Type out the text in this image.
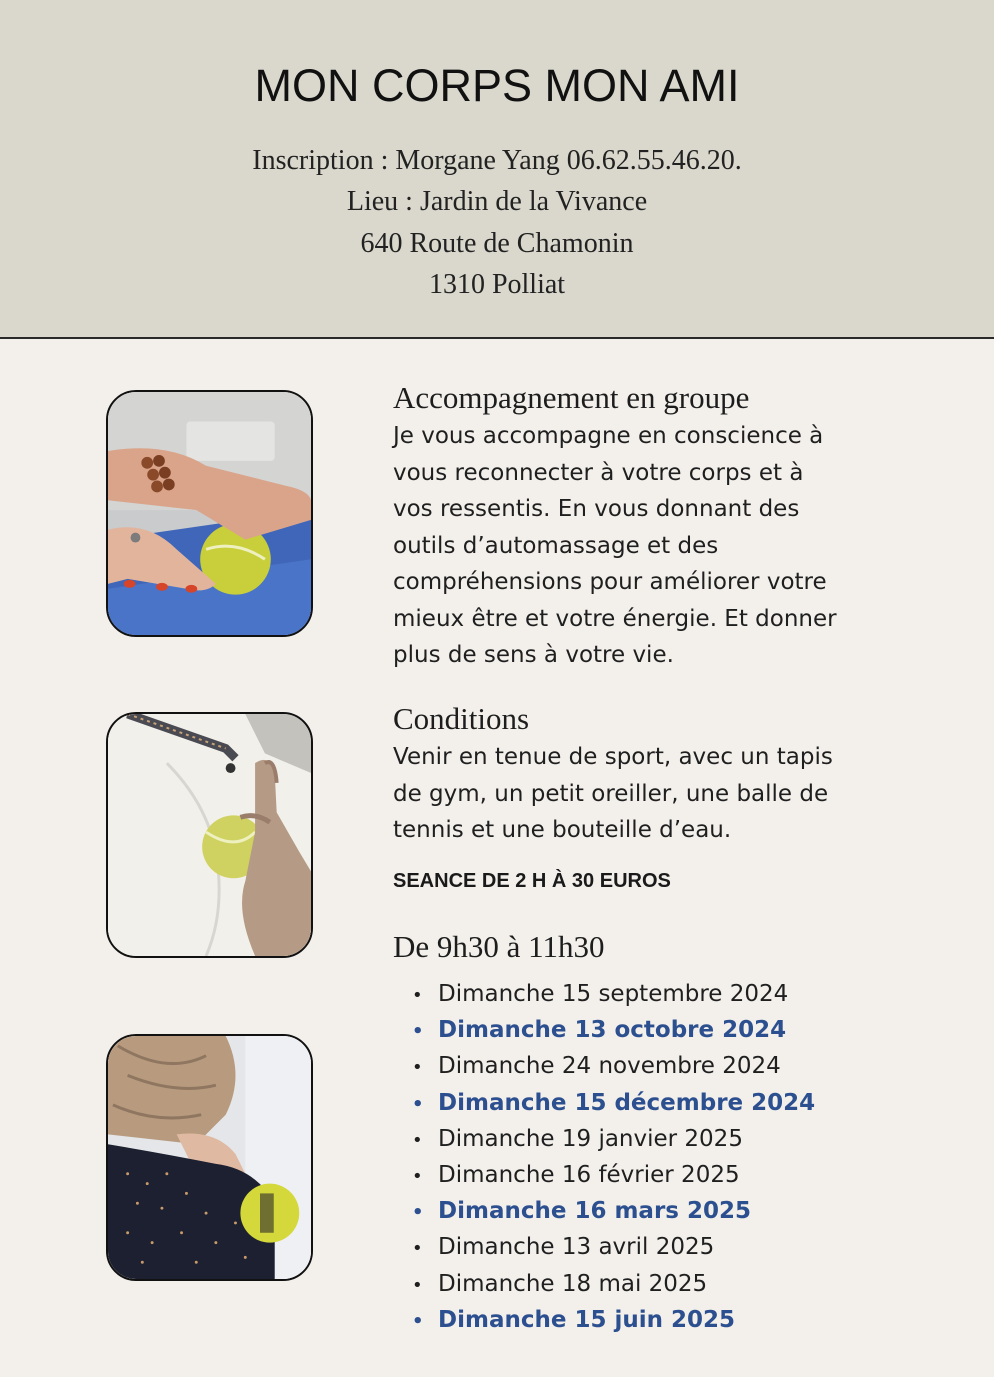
MON CORPS MON AMI
Inscription : Morgane Yang 06.62.55.46.20.
Lieu : Jardin de la Vivance
640 Route de Chamonin
1310 Polliat
Accompagnement en groupe
Je vous accompagne en conscience à
vous reconnecter à votre corps et à
vos ressentis. En vous donnant des
outils d’automassage et des
compréhensions pour améliorer votre
mieux être et votre énergie. Et donner
plus de sens à votre vie.
Conditions
Venir en tenue de sport, avec un tapis
de gym, un petit oreiller, une balle de
tennis et une bouteille d’eau.
SEANCE DE 2 H À 30 EUROS
De 9h30 à 11h30
• Dimanche 15 septembre 2024
• Dimanche 13 octobre 2024
• Dimanche 24 novembre 2024
• Dimanche 15 décembre 2024
• Dimanche 19 janvier 2025
• Dimanche 16 février 2025
• Dimanche 16 mars 2025
• Dimanche 13 avril 2025
• Dimanche 18 mai 2025
• Dimanche 15 juin 2025
